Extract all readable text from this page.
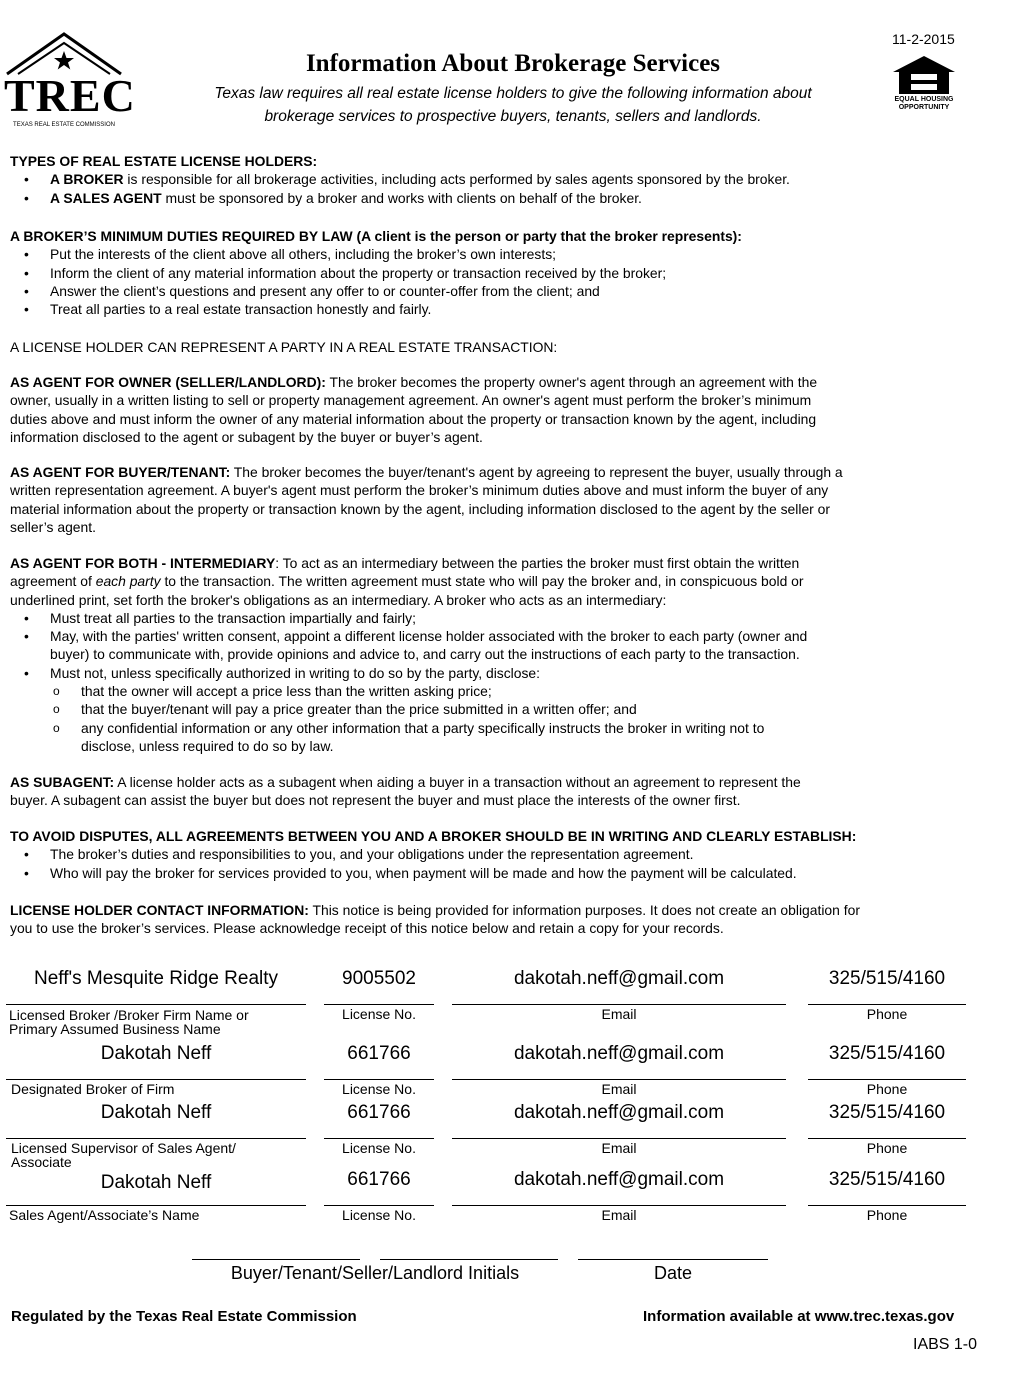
TREC
TEXAS REAL ESTATE COMMISSION
11-2-2015
Information About Brokerage Services
Texas law requires all real estate license holders to give the following information about
brokerage services to prospective buyers, tenants, sellers and landlords.
EQUAL HOUSING
OPPORTUNITY

TYPES OF REAL ESTATE LICENSE HOLDERS:

• A BROKER is responsible for all brokerage activities, including acts performed by sales agents sponsored by the broker.
• A SALES AGENT must be sponsored by a broker and works with clients on behalf of the broker.

A BROKER’S MINIMUM DUTIES REQUIRED BY LAW (A client is the person or party that the broker represents):

• Put the interests of the client above all others, including the broker’s own interests;
• Inform the client of any material information about the property or transaction received by the broker;
• Answer the client’s questions and present any offer to or counter-offer from the client; and
• Treat all parties to a real estate transaction honestly and fairly.
A LICENSE HOLDER CAN REPRESENT A PARTY IN A REAL ESTATE TRANSACTION:

AS AGENT FOR OWNER (SELLER/LANDLORD): The broker becomes the property owner's agent through an agreement with the

owner, usually in a written listing to sell or property management agreement. An owner's agent must perform the broker’s minimum

duties above and must inform the owner of any material information about the property or transaction known by the agent, including

information disclosed to the agent or subagent by the buyer or buyer’s agent.

AS AGENT FOR BUYER/TENANT: The broker becomes the buyer/tenant's agent by agreeing to represent the buyer, usually through a

written representation agreement. A buyer's agent must perform the broker’s minimum duties above and must inform the buyer of any

material information about the property or transaction known by the agent, including information disclosed to the agent by the seller or

seller’s agent.

AS AGENT FOR BOTH - INTERMEDIARY: To act as an intermediary between the parties the broker must first obtain the written

agreement of each party to the transaction. The written agreement must state who will pay the broker and, in conspicuous bold or

underlined print, set forth the broker's obligations as an intermediary. A broker who acts as an intermediary:

• Must treat all parties to the transaction impartially and fairly;
• May, with the parties' written consent, appoint a different license holder associated with the broker to each party (owner and
buyer) to communicate with, provide opinions and advice to, and carry out the instructions of each party to the transaction.
• Must not, unless specifically authorized in writing to do so by the party, disclose:
o that the owner will accept a price less than the written asking price;
o that the buyer/tenant will pay a price greater than the price submitted in a written offer; and
o any confidential information or any other information that a party specifically instructs the broker in writing not to
disclose, unless required to do so by law.

AS SUBAGENT: A license holder acts as a subagent when aiding a buyer in a transaction without an agreement to represent the

buyer. A subagent can assist the buyer but does not represent the buyer and must place the interests of the owner first.

TO AVOID DISPUTES, ALL AGREEMENTS BETWEEN YOU AND A BROKER SHOULD BE IN WRITING AND CLEARLY ESTABLISH:

• The broker’s duties and responsibilities to you, and your obligations under the representation agreement.
• Who will pay the broker for services provided to you, when payment will be made and how the payment will be calculated.

LICENSE HOLDER CONTACT INFORMATION: This notice is being provided for information purposes. It does not create an obligation for

you to use the broker’s services. Please acknowledge receipt of this notice below and retain a copy for your records.

Neff's Mesquite Ridge Realty	9005502	dakotah.neff@gmail.com	325/515/4160
Licensed Broker /Broker Firm Name or
Primary Assumed Business Name
License No.	Email	Phone
Dakotah Neff	661766	dakotah.neff@gmail.com	325/515/4160
Designated Broker of Firm	License No.	Email	Phone
Dakotah Neff	661766	dakotah.neff@gmail.com	325/515/4160
Licensed Supervisor of Sales Agent/
Associate
License No.	Email	Phone
Dakotah Neff	661766	dakotah.neff@gmail.com	325/515/4160
Sales Agent/Associate’s Name	License No.	Email	Phone
Buyer/Tenant/Seller/Landlord Initials	Date
Regulated by the Texas Real Estate Commission	Information available at www.trec.texas.gov
IABS 1-0
